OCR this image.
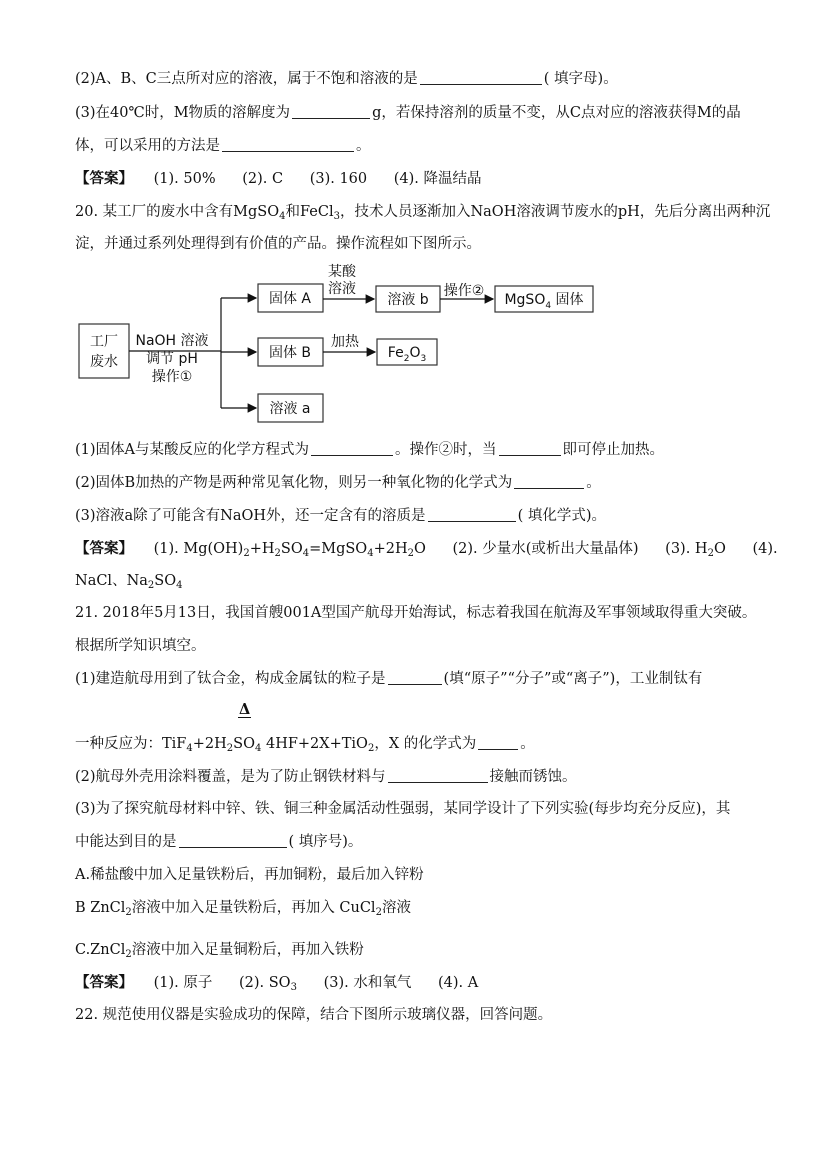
(2)A、B、C三点所对应的溶液，属于不饱和溶液的是	( 填字母)。
(3)在40℃时，M物质的溶解度为	g，若保持溶剂的质量不变，从C点对应的溶液获得M的晶
体，可以采用的方法是	。
【答案】 (1). 50% (2). C (3). 160 (4). 降温结晶
20. 某工厂的废水中含有MgSO$_4$和FeCl$_3$，技术人员逐渐加入NaOH溶液调节废水的pH，先后分离出两种沉
淀，并通过系列处理得到有价值的产品。操作流程如下图所示。
工厂
废水
固体 A	溶液 b	MgSO$_4$ 固体
固体 B	$Fe_2O_3$
溶液 a
NaOH 溶液
调节 pH
操作①
某酸
溶液	操作②
加热
(1)固体A与某酸反应的化学方程式为	。操作②时，当	即可停止加热。
(2)固体B加热的产物是两种常见氧化物，则另一种氧化物的化学式为	。
(3)溶液a除了可能含有NaOH外，还一定含有的溶质是	( 填化学式)。
【答案】 (1). $Mg(OH)_2+H_2SO_4=MgSO_4+2H_2O$ (2). 少量水(或析出大量晶体) (3). $H_2O$ (4).
NaCl、$Na_2SO_4$
21. 2018年5月13日，我国首艘001A型国产航母开始海试，标志着我国在航海及军事领域取得重大突破。
根据所学知识填空。
(1)建造航母用到了钛合金，构成金属钛的粒子是	(填“原子”“分子”或“离子”)，工业制钛有
Δ
一种反应为：$TiF_4+2H_2SO_4$ 4HF+2X+TiO$_2$，X 的化学式为	。
(2)航母外壳用涂料覆盖，是为了防止钢铁材料与	接触而锈蚀。
(3)为了探究航母材料中锌、铁、铜三种金属活动性强弱，某同学设计了下列实验(每步均充分反应)，其
中能达到目的是	( 填序号)。
A.稀盐酸中加入足量铁粉后，再加铜粉，最后加入锌粉
B ZnCl$_2$溶液中加入足量铁粉后，再加入 CuCl$_2$溶液
C.ZnCl$_2$溶液中加入足量铜粉后，再加入铁粉
【答案】 (1). 原子 (2). $SO_3$ (3). 水和氧气 (4). A
22. 规范使用仪器是实验成功的保障，结合下图所示玻璃仪器，回答问题。
